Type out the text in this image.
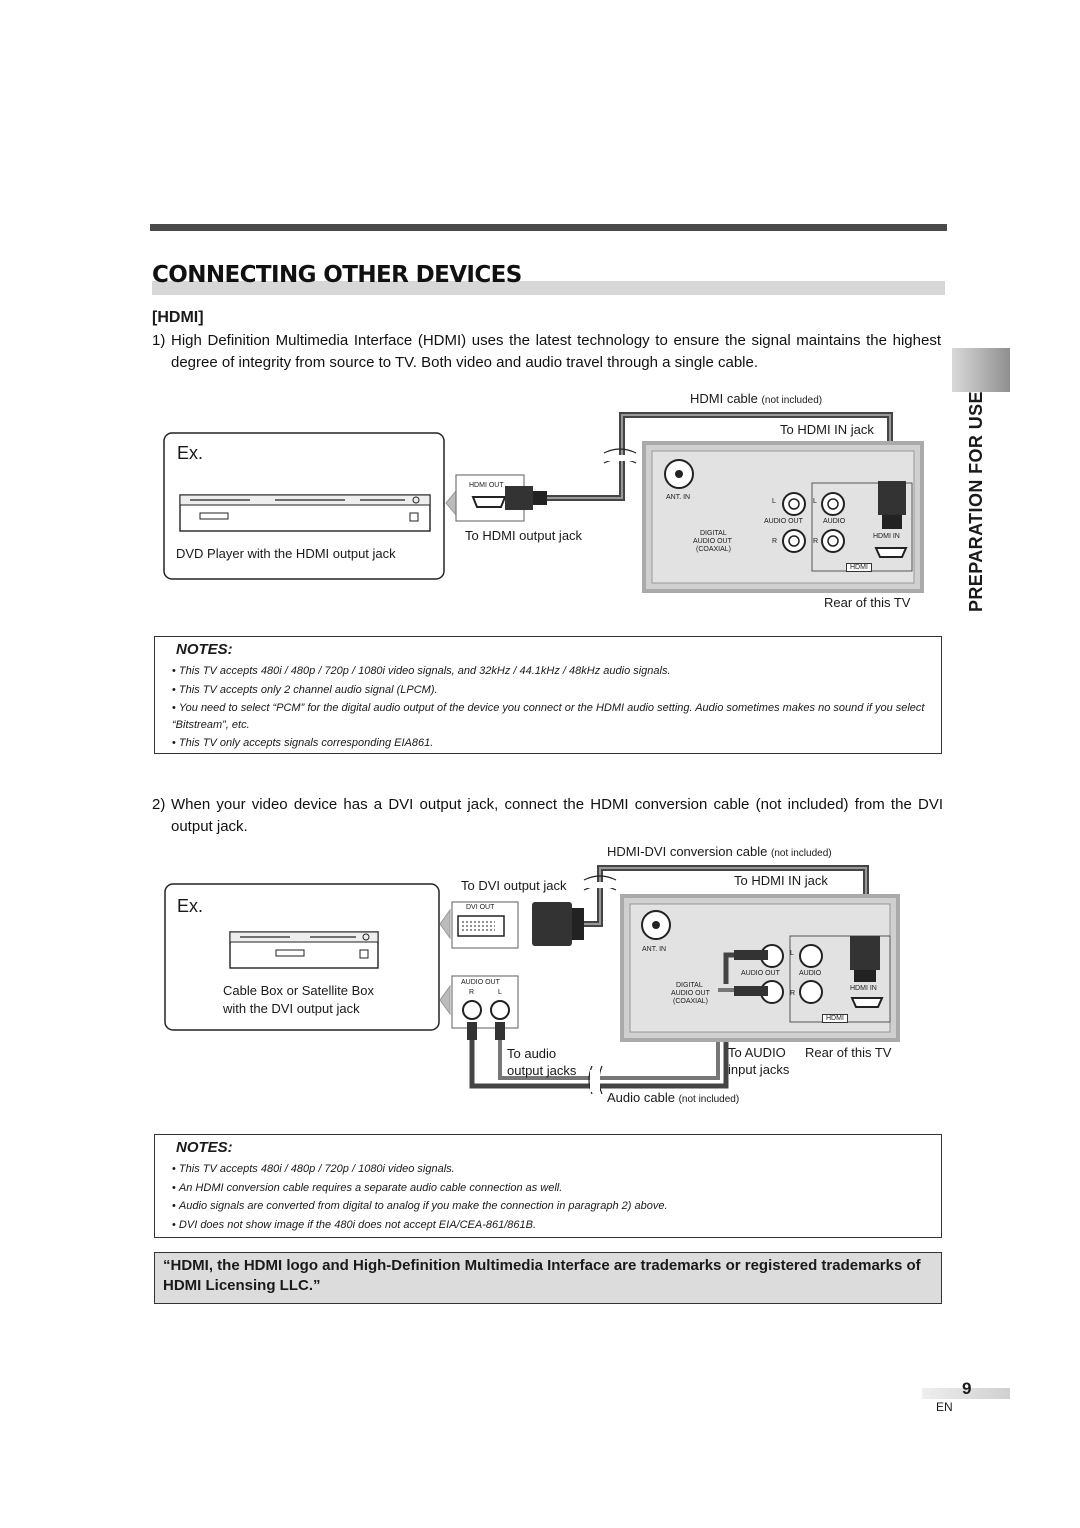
CONNECTING OTHER DEVICES
[HDMI]
PREPARATION FOR USE
1) High Definition Multimedia Interface (HDMI) uses the latest technology to ensure the signal maintains the highest degree of integrity from source to TV. Both video and audio travel through a single cable.
Ex.
DVD Player with the HDMI output jack
HDMI OUT
To HDMI output jack
HDMI cable (not included)
To HDMI IN jack
Rear of this TV
ANT. IN
L	L
AUDIO OUT	AUDIO
DIGITAL
AUDIO OUT
(COAXIAL)
R	R
HDMI IN
HDMI
NOTES:
• This TV accepts 480i / 480p / 720p / 1080i video signals, and 32kHz / 44.1kHz / 48kHz audio signals.
• This TV accepts only 2 channel audio signal (LPCM).
• You need to select “PCM” for the digital audio output of the device you connect or the HDMI audio setting. Audio sometimes makes no sound if you select “Bitstream”, etc.
• This TV only accepts signals corresponding EIA861.
2) When your video device has a DVI output jack, connect the HDMI conversion cable (not included) from the DVI output jack.
Ex.
Cable Box or Satellite Box
with the DVI output jack
DVI OUT
AUDIO OUT
R	L
To DVI output jack
HDMI-DVI conversion cable (not included)
To HDMI IN jack
To audio
output jacks
To AUDIO
input jacks
Rear of this TV
Audio cable (not included)
ANT. IN
L
AUDIO OUT	AUDIO
DIGITAL
AUDIO OUT
(COAXIAL)
R
HDMI IN
HDMI
NOTES:
• This TV accepts 480i / 480p / 720p / 1080i video signals.
• An HDMI conversion cable requires a separate audio cable connection as well.
• Audio signals are converted from digital to analog if you make the connection in paragraph 2) above.
• DVI does not show image if the 480i does not accept EIA/CEA-861/861B.
“HDMI, the HDMI logo and High-Definition Multimedia Interface are trademarks or registered trademarks of HDMI Licensing LLC.”
9
EN
